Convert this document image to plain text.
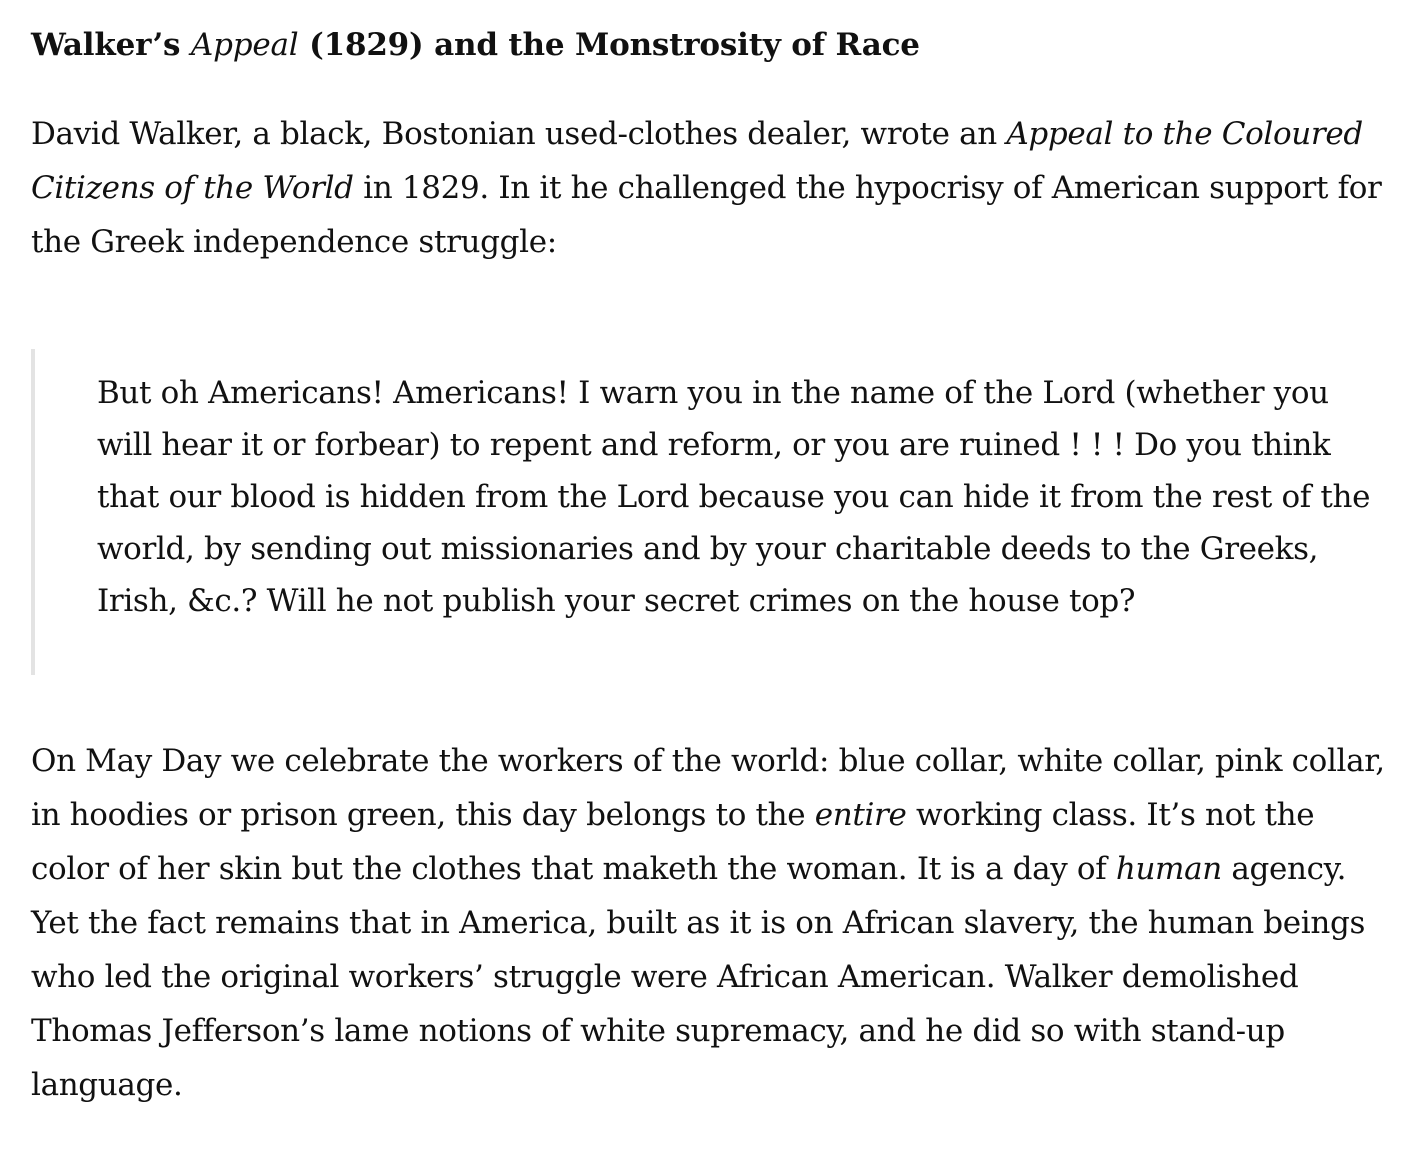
Walker’s Appeal (1829) and the Monstrosity of Race

David Walker, a black, Bostonian used-clothes dealer, wrote an Appeal to the Coloured Citizens of the World in 1829. In it he challenged the hypocrisy of American support for the Greek independence struggle:

But oh Americans! Americans! I warn you in the name of the Lord (whether you will hear it or forbear) to repent and reform, or you are ruined ! ! ! Do you think that our blood is hidden from the Lord because you can hide it from the rest of the world, by sending out missionaries and by your charitable deeds to the Greeks, Irish, &c.? Will he not publish your secret crimes on the house top?

On May Day we celebrate the workers of the world: blue collar, white collar, pink collar, in hoodies or prison green, this day belongs to the entire working class. It’s not the color of her skin but the clothes that maketh the woman. It is a day of human agency. Yet the fact remains that in America, built as it is on African slavery, the human beings who led the original workers’ struggle were African American. Walker demolished Thomas Jefferson’s lame notions of white supremacy, and he did so with stand-up language.
